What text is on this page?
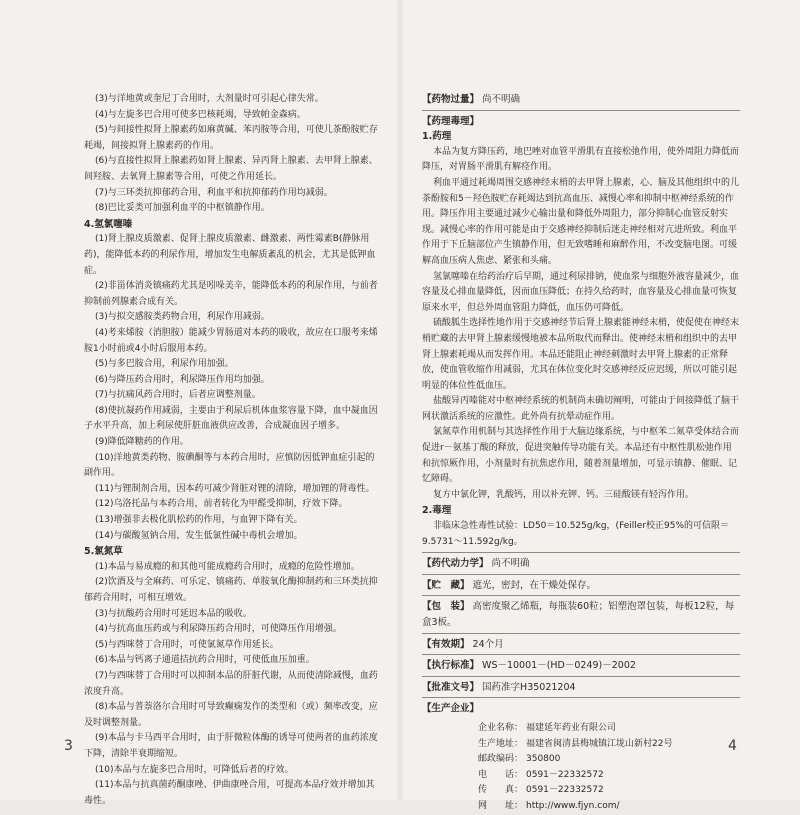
(3)与洋地黄或奎尼丁合用时，大剂量时可引起心律失常。

(4)与左旋多巴合用可使多巴核耗竭，导致帕金森病。

(5)与间接性拟肾上腺素药如麻黄碱、苯丙胺等合用，可使儿茶酚胺贮存耗竭，间接拟肾上腺素药的作用。

(6)与直接性拟肾上腺素药如肾上腺素、异丙肾上腺素、去甲肾上腺素、间羟胺、去氧肾上腺素等合用，可使之作用延长。

(7)与三环类抗抑郁药合用，利血平和抗抑郁药作用均减弱。

(8)巴比妥类可加强利血平的中枢镇静作用。

4.氢氯噻嗪

(1)肾上腺皮质激素、促肾上腺皮质激素、雌激素、两性霉素B(静脉用药)，能降低本药的利尿作用，增加发生电解质紊乱的机会，尤其是低钾血症。

(2)非甾体消炎镇痛药尤其是吲哚美辛，能降低本药的利尿作用，与前者抑制前列腺素合成有关。

(3)与拟交感胺类药物合用，利尿作用减弱。

(4)考来烯胺（消胆胺）能减少胃肠道对本药的吸收，故应在口服考来烯胺1小时前或4小时后服用本药。

(5)与多巴胺合用，利尿作用加强。

(6)与降压药合用时，利尿降压作用均加强。

(7)与抗痛风药合用时，后者应调整剂量。

(8)使抗凝药作用减弱，主要由于利尿后机体血浆容量下降，血中凝血因子水平升高，加上利尿使肝脏血液供应改善，合成凝血因子增多。

(9)降低降糖药的作用。

(10)洋地黄类药物、胺碘酮等与本药合用时，应慎防因低钾血症引起的副作用。

(11)与锂制剂合用，因本药可减少肾脏对锂的清除，增加锂的肾毒性。

(12)乌洛托品与本药合用，前者转化为甲醛受抑制，疗效下降。

(13)增强非去极化肌松药的作用，与血钾下降有关。

(14)与碳酸氢钠合用，发生低氯性碱中毒机会增加。

5.氯氮草

(1)本品与易成瘾的和其他可能成瘾药合用时，成瘾的危险性增加。

(2)饮酒及与全麻药、可乐定、镇痛药、单胺氧化酶抑制药和三环类抗抑郁药合用时，可相互增效。

(3)与抗酸药合用时可延迟本品的吸收。

(4)与抗高血压药或与利尿降压药合用时，可使降压作用增强。

(5)与西咪替丁合用时，可使氯氮草作用延长。

(6)本品与钙离子通道拮抗药合用时，可使低血压加重。

(7)与西咪替丁合用时可以抑制本品的肝脏代谢，从而使清除减慢，血药浓度升高。

(8)本品与普萘洛尔合用时可导致癫痫发作的类型和（或）频率改变，应及时调整剂量。

(9)本品与卡马西平合用时，由于肝微粒体酶的诱导可使两者的血药浓度下降，清除半衰期缩短。

(10)本品与左旋多巴合用时，可降低后者的疗效。

(11)本品与抗真菌药酮康唑、伊曲康唑合用，可提高本品疗效并增加其毒性。

【药物过量】 尚不明确

【药理毒理】

1.药理

本品为复方降压药，地巴唑对血管平滑肌有直接松弛作用，使外周阻力降低而降压，对胃肠平滑肌有解痉作用。

利血平通过耗竭周围交感神经末梢的去甲肾上腺素，心、脑及其他组织中的儿茶酚胺和5－羟色胺贮存耗竭达到抗高血压、减慢心率和抑制中枢神经系统的作用。降压作用主要通过减少心输出量和降低外周阻力，部分抑制心血管反射实现。减慢心率的作用可能是由于交感神经抑制后迷走神经相对亢进所致。利血平作用于下丘脑部位产生镇静作用，但无致嗜睡和麻醉作用，不改变脑电图。可缓解高血压病人焦虑、紧张和头痛。

氢氯噻嗪在给药治疗后早期，通过利尿排钠，使血浆与细胞外液容量减少，血容量及心排血量降低，因而血压降低；在持久给药时，血容量及心排血量可恢复原来水平，但总外周血管阻力降低，血压仍可降低。

硫酸胍生选择性地作用于交感神经节后肾上腺素能神经末梢，使促使在神经末梢贮藏的去甲肾上腺素缓慢地被本品所取代而释出。使神经末梢和组织中的去甲肾上腺素耗竭从而发挥作用。本品还能阻止神经刺激时去甲肾上腺素的正常释放，使血管收缩作用减弱，尤其在体位变化时交感神经反应迟缓，所以可能引起明显的体位性低血压。

盐酸异丙嗪能对中枢神经系统的机制尚未确切阐明，可能由于间接降低了脑干网状激活系统的应激性。此外尚有抗晕动症作用。

氯氮草作用机制与其选择性作用于大脑边缘系统，与中枢苯二氮草受体结合而促进r－氨基丁酸的释放，促进突触传导功能有关。本品还有中枢性肌松弛作用和抗惊厥作用，小剂量时有抗焦虑作用，随着剂量增加，可显示镇静、催眠、记忆障碍。

复方中氯化钾，乳酸钙，用以补充钾、钙。三硅酸镁有轻泻作用。

2.毒理

非临床急性毒性试验：LD50＝10.525g/kg，(Feiller校正95%的可信限＝9.5731～11.592g/kg。

【药代动力学】 尚不明确

【贮　藏】 遮光，密封，在干燥处保存。

【包　装】 高密度聚乙烯瓶，每瓶装60粒；铝塑泡罩包装，每板12粒，每盒3板。

【有效期】 24个月

【执行标准】 WS－10001－(HD－0249)－2002

【批准文号】 国药准字H35021204

【生产企业】

企业名称： 福建延年药业有限公司

生产地址： 福建省闽清县梅城镇江垅山新村22号

邮政编码： 350800

电　　话： 0591－22332572

传　　真： 0591－22332572

网　　址： http://www.fjyn.com/

3	4
